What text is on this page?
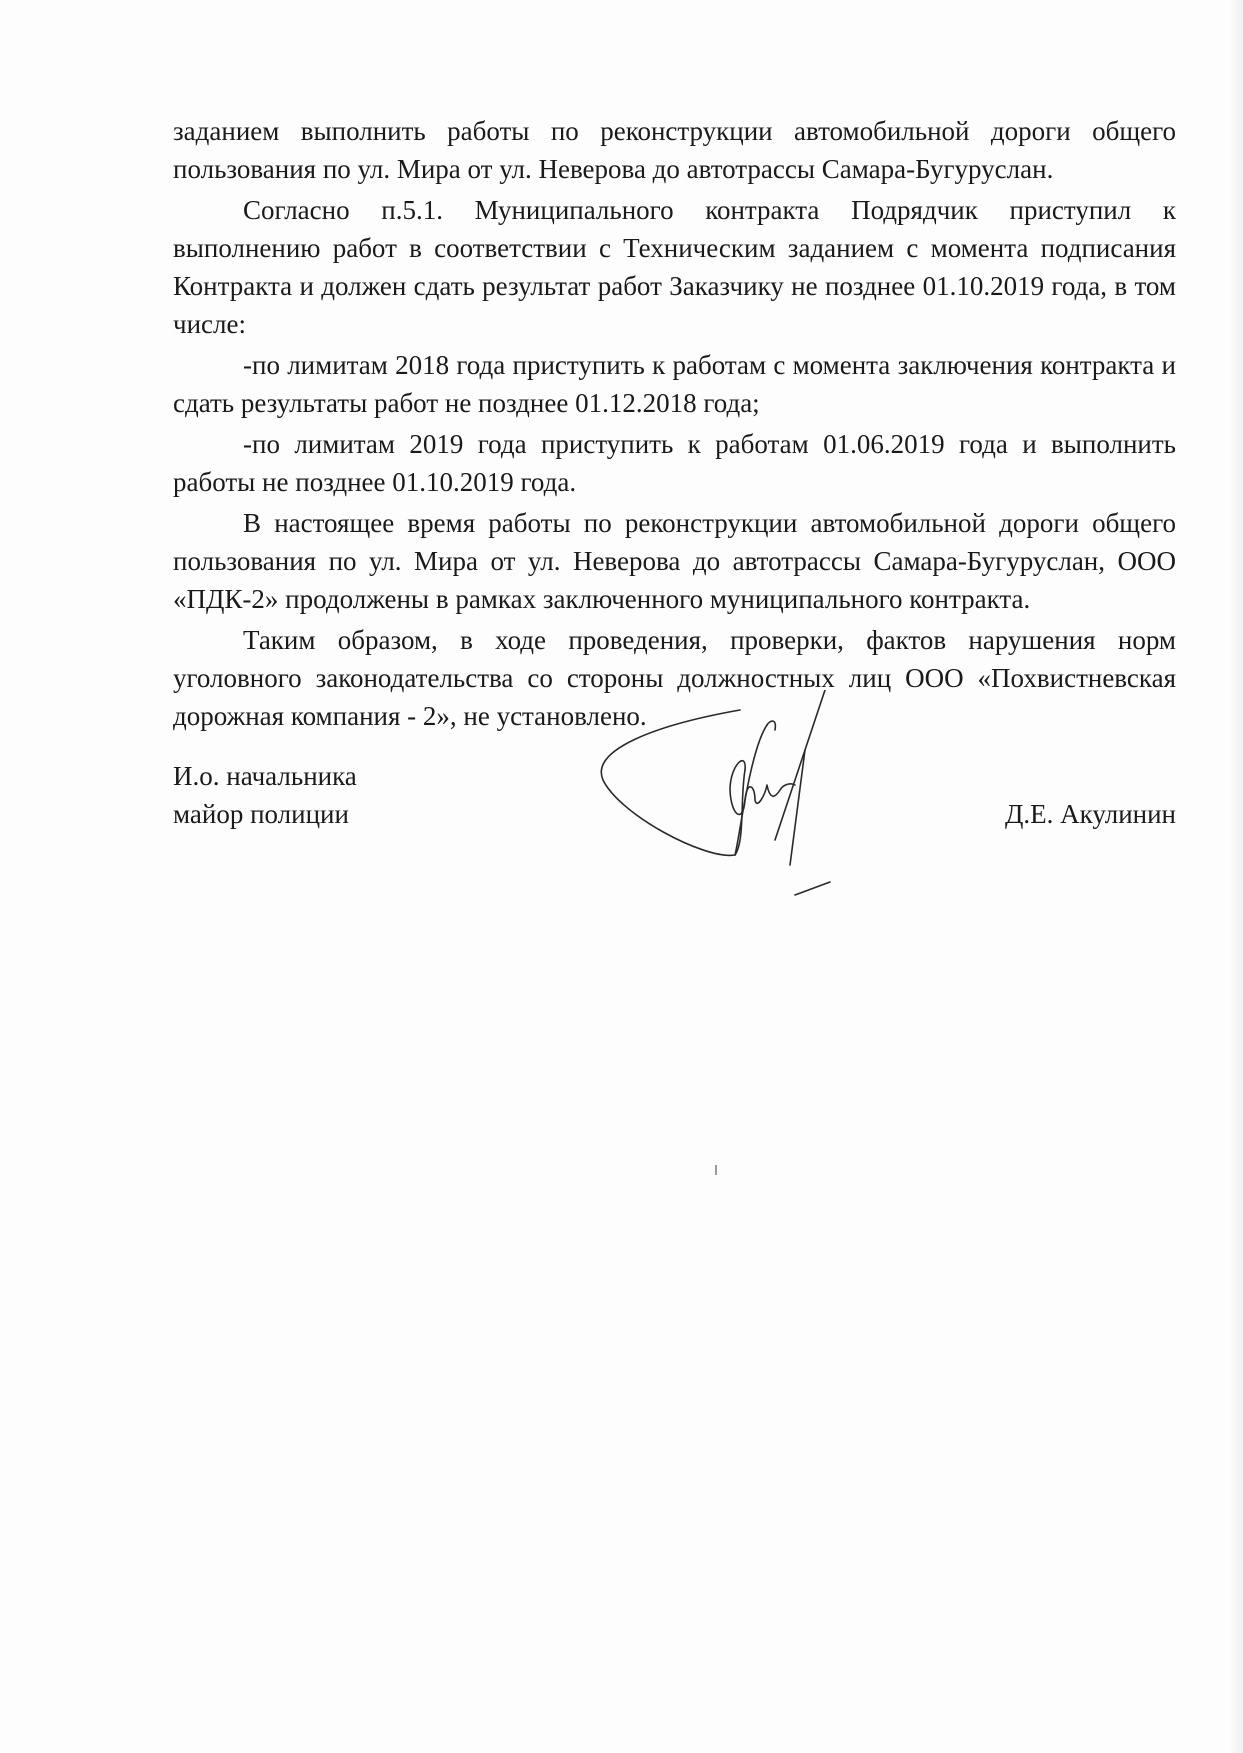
заданием выполнить работы по реконструкции автомобильной дороги общего пользования по ул. Мира от ул. Неверова до автотрассы Самара-Бугуруслан.

Согласно п.5.1. Муниципального контракта Подрядчик приступил к выполнению работ в соответствии с Техническим заданием с момента подписания Контракта и должен сдать результат работ Заказчику не позднее 01.10.2019 года, в том числе:

-по лимитам 2018 года приступить к работам с момента заключения контракта и сдать результаты работ не позднее 01.12.2018 года;

-по лимитам 2019 года приступить к работам 01.06.2019 года и выполнить работы не позднее 01.10.2019 года.

В настоящее время работы по реконструкции автомобильной дороги общего пользования по ул. Мира от ул. Неверова до автотрассы Самара-Бугуруслан, ООО «ПДК-2» продолжены в рамках заключенного муниципального контракта.

Таким образом, в ходе проведения, проверки, фактов нарушения норм уголовного законодательства со стороны должностных лиц ООО «Похвистневская дорожная компания - 2», не установлено.

И.о. начальника
майор полиции	Д.Е. Акулинин
